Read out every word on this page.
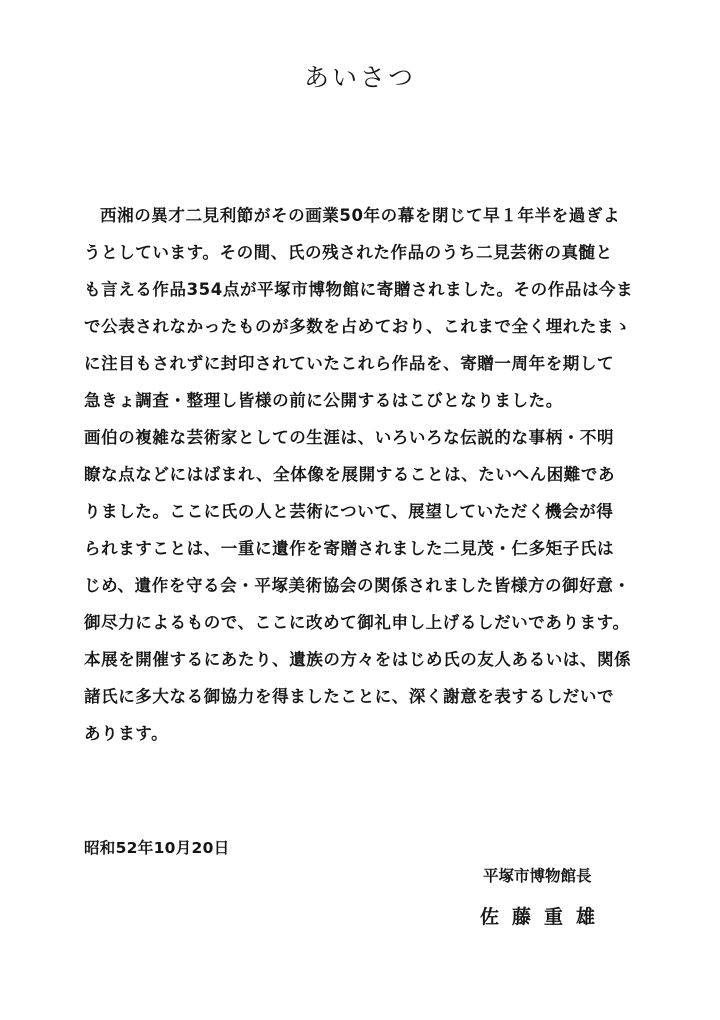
あいさつ
西湘の異才二見利節がその画業50年の幕を閉じて早１年半を過ぎよ
うとしています。その間、氏の残された作品のうち二見芸術の真髄と
も言える作品354点が平塚市博物館に寄贈されました。その作品は今ま
で公表されなかったものが多数を占めており、これまで全く埋れたまゝ
に注目もされずに封印されていたこれら作品を、寄贈一周年を期して
急きょ調査・整理し皆様の前に公開するはこびとなりました。
画伯の複雑な芸術家としての生涯は、いろいろな伝説的な事柄・不明
瞭な点などにはばまれ、全体像を展開することは、たいへん困難であ
りました。ここに氏の人と芸術について、展望していただく機会が得
られますことは、一重に遺作を寄贈されました二見茂・仁多矩子氏は
じめ、遺作を守る会・平塚美術協会の関係されました皆様方の御好意・
御尽力によるもので、ここに改めて御礼申し上げるしだいであります。
本展を開催するにあたり、遺族の方々をはじめ氏の友人あるいは、関係
諸氏に多大なる御協力を得ましたことに、深く謝意を表するしだいで
あります。
昭和52年10月20日
平塚市博物館長
佐藤重雄
